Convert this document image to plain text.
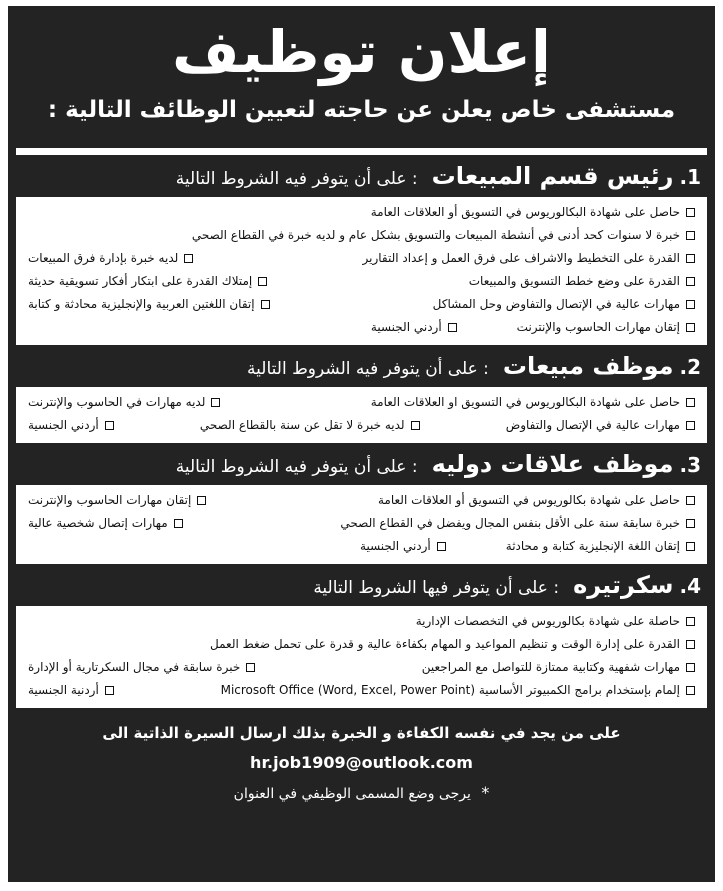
إعلان توظيف
مستشفى خاص يعلن عن حاجته لتعيين الوظائف التالية :
1.رئيس قسم المبيعات: على أن يتوفر فيه الشروط التالية
حاصل على شهادة البكالوريوس في التسويق أو العلاقات العامة
خبرة لا سنوات كحد أدنى في أنشطة المبيعات والتسويق بشكل عام و لديه خبرة في القطاع الصحي
القدرة على التخطيط والاشراف على فرق العمل و إعداد التقارير
لديه خبرة بإدارة فرق المبيعات
القدرة على وضع خطط التسويق والمبيعات
إمتلاك القدرة على ابتكار أفكار تسويقية حديثة
مهارات عالية في الإتصال والتفاوض وحل المشاكل
إتقان اللغتين العربية والإنجليزية محادثة و كتابة
إتقان مهارات الحاسوب والإنترنت
أردني الجنسية
2.موظف مبيعات: على أن يتوفر فيه الشروط التالية
حاصل على شهادة البكالوريوس في التسويق او العلاقات العامة
لديه مهارات في الحاسوب والإنترنت
مهارات عالية في الإتصال والتفاوض
لديه خبرة لا تقل عن سنة بالقطاع الصحي
أردني الجنسية
3.موظف علاقات دوليه: على أن يتوفر فيه الشروط التالية
حاصل على شهادة بكالوريوس في التسويق أو العلاقات العامة
إتقان مهارات الحاسوب والإنترنت
خبرة سابقة سنة على الأقل بنفس المجال ويفضل في القطاع الصحي
مهارات إتصال شخصية عالية
إتقان اللغة الإنجليزية كتابة و محادثة
أردني الجنسية
4.سكرتيره: على أن يتوفر فيها الشروط التالية
حاصلة على شهادة بكالوريوس في التخصصات الإدارية
القدرة على إدارة الوقت و تنظيم المواعيد و المهام بكفاءة عالية و قدرة على تحمل ضغط العمل
مهارات شفهية وكتابية ممتازة للتواصل مع المراجعين
خبرة سابقة في مجال السكرتارية أو الإدارة
إلمام بإستخدام برامج الكمبيوتر الأساسية (Microsoft Office (Word, Excel, Power Point
أردنية الجنسية
على من يجد في نفسه الكفاءة و الخبرة بذلك ارسال السيرة الذاتية الى hr.job1909@outlook.com
* يرجى وضع المسمى الوظيفي في العنوان
